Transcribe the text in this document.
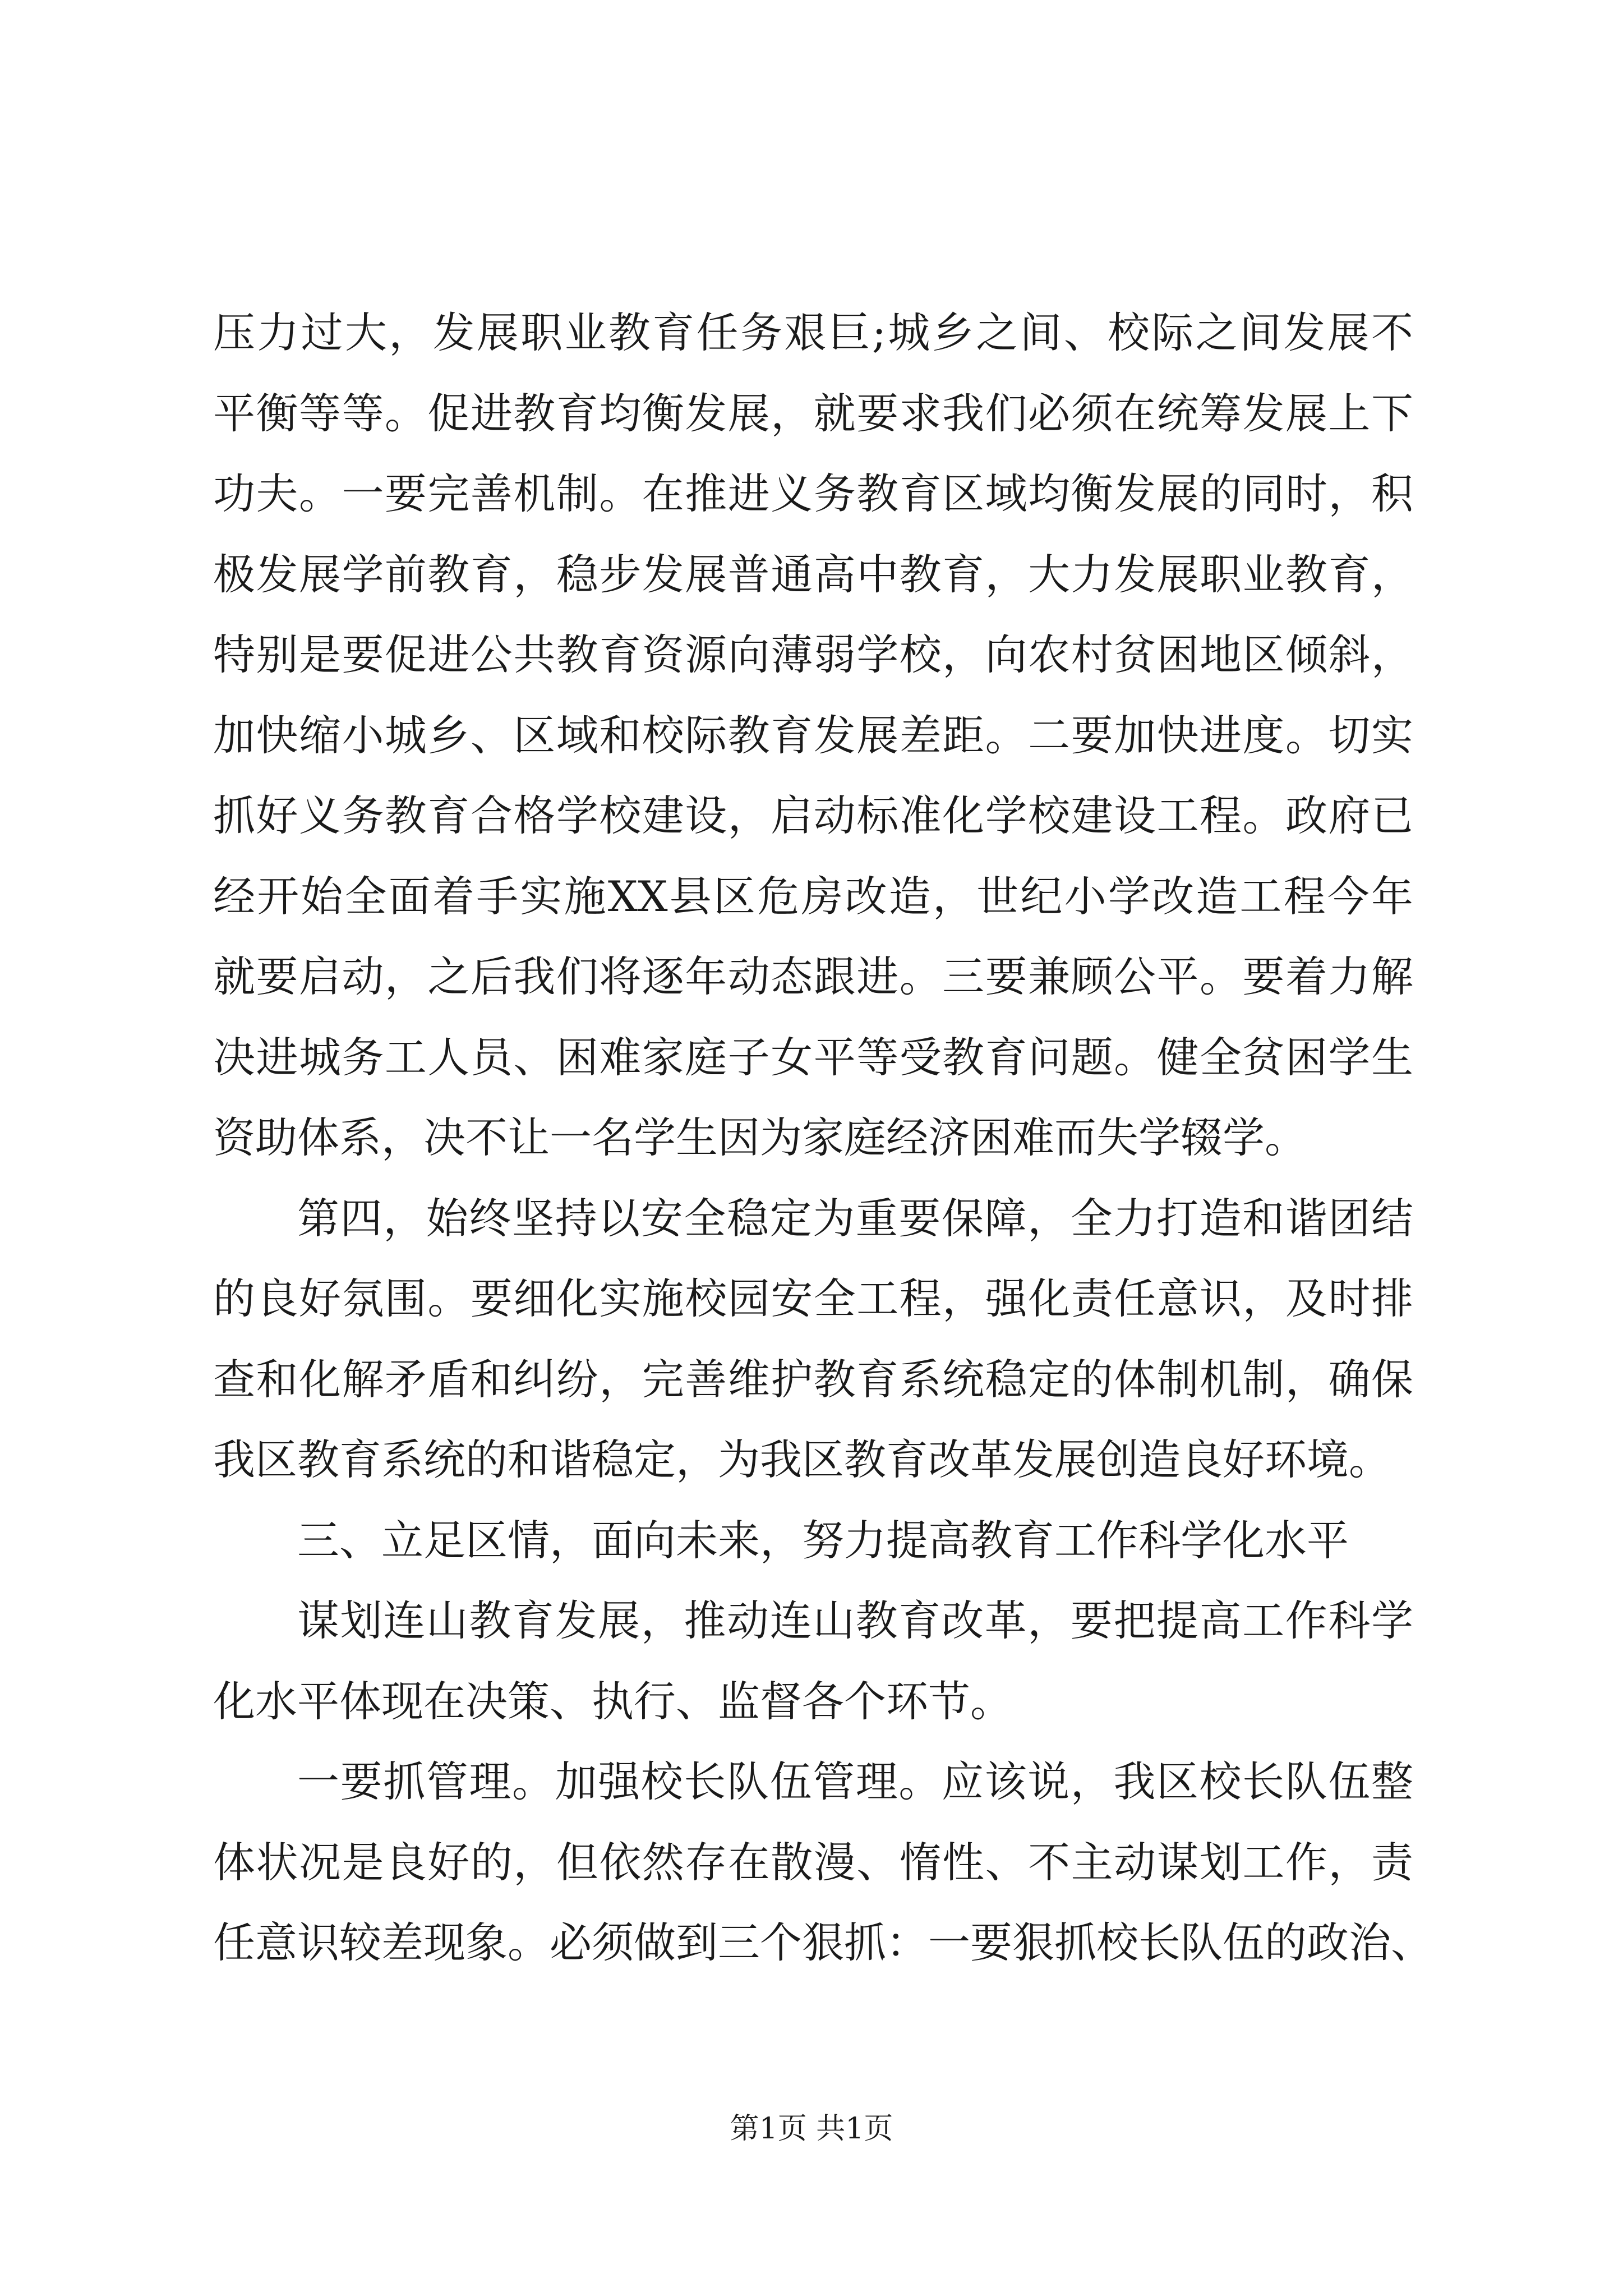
压力过大，发展职业教育任务艰巨;城乡之间、校际之间发展不
平衡等等。促进教育均衡发展，就要求我们必须在统筹发展上下
功夫。一要完善机制。在推进义务教育区域均衡发展的同时，积
极发展学前教育，稳步发展普通高中教育，大力发展职业教育，
特别是要促进公共教育资源向薄弱学校，向农村贫困地区倾斜，
加快缩小城乡、区域和校际教育发展差距。二要加快进度。切实
抓好义务教育合格学校建设，启动标准化学校建设工程。政府已
经开始全面着手实施XX县区危房改造，世纪小学改造工程今年
就要启动，之后我们将逐年动态跟进。三要兼顾公平。要着力解
决进城务工人员、困难家庭子女平等受教育问题。健全贫困学生
资助体系，决不让一名学生因为家庭经济困难而失学辍学。
第四，始终坚持以安全稳定为重要保障，全力打造和谐团结
的良好氛围。要细化实施校园安全工程，强化责任意识，及时排
查和化解矛盾和纠纷，完善维护教育系统稳定的体制机制，确保
我区教育系统的和谐稳定，为我区教育改革发展创造良好环境。
三、立足区情，面向未来，努力提高教育工作科学化水平
谋划连山教育发展，推动连山教育改革，要把提高工作科学
化水平体现在决策、执行、监督各个环节。
一要抓管理。加强校长队伍管理。应该说，我区校长队伍整
体状况是良好的，但依然存在散漫、惰性、不主动谋划工作，责
任意识较差现象。必须做到三个狠抓：一要狠抓校长队伍的政治、
第1页 共1页
